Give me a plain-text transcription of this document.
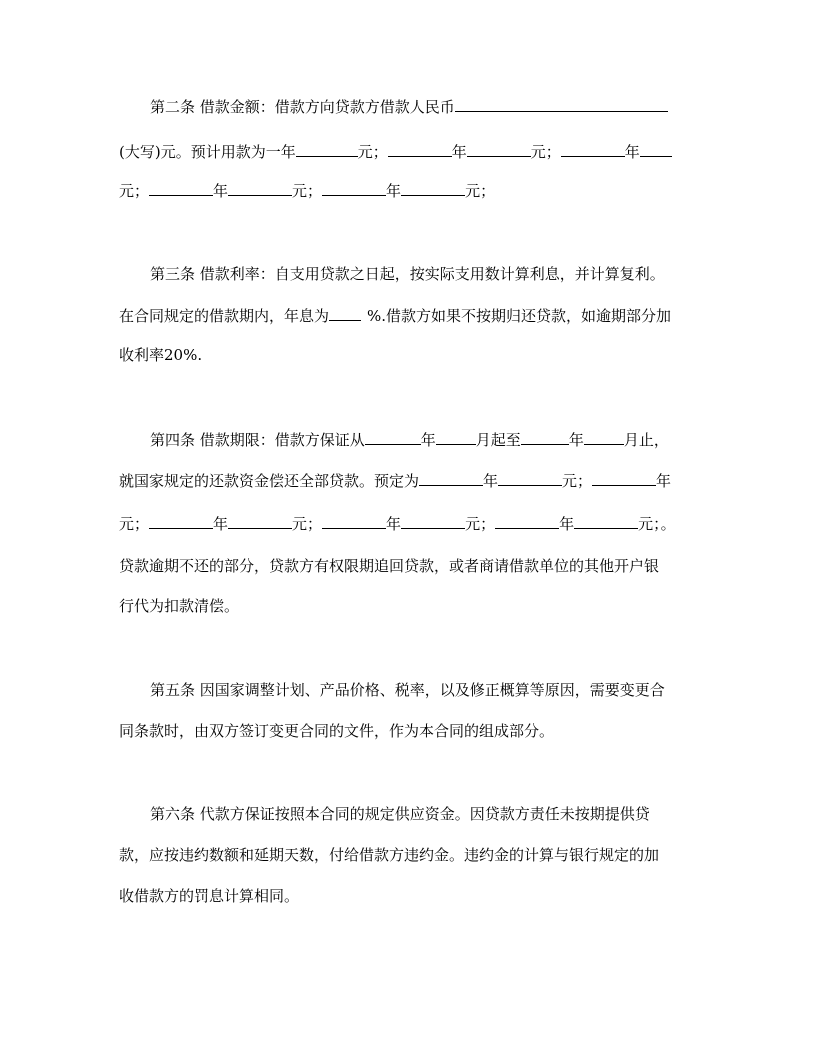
第二条 借款金额：借款方向贷款方借款人民币
(大写)元。预计用款为一年	元；	年	元；	年
元；	年	元；	年	元；
第三条 借款利率：自支用贷款之日起，按实际支用数计算利息，并计算复利。
在合同规定的借款期内，年息为	%.借款方如果不按期归还贷款，如逾期部分加
收利率20%.
第四条 借款期限：借款方保证从	年	月起至	年	月止，
就国家规定的还款资金偿还全部贷款。预定为	年	元；	年
元；	年	元；	年	元；	年	元；。
贷款逾期不还的部分，贷款方有权限期追回贷款，或者商请借款单位的其他开户银
行代为扣款清偿。
第五条 因国家调整计划、产品价格、税率，以及修正概算等原因，需要变更合
同条款时，由双方签订变更合同的文件，作为本合同的组成部分。
第六条 代款方保证按照本合同的规定供应资金。因贷款方责任未按期提供贷
款，应按违约数额和延期天数，付给借款方违约金。违约金的计算与银行规定的加
收借款方的罚息计算相同。
